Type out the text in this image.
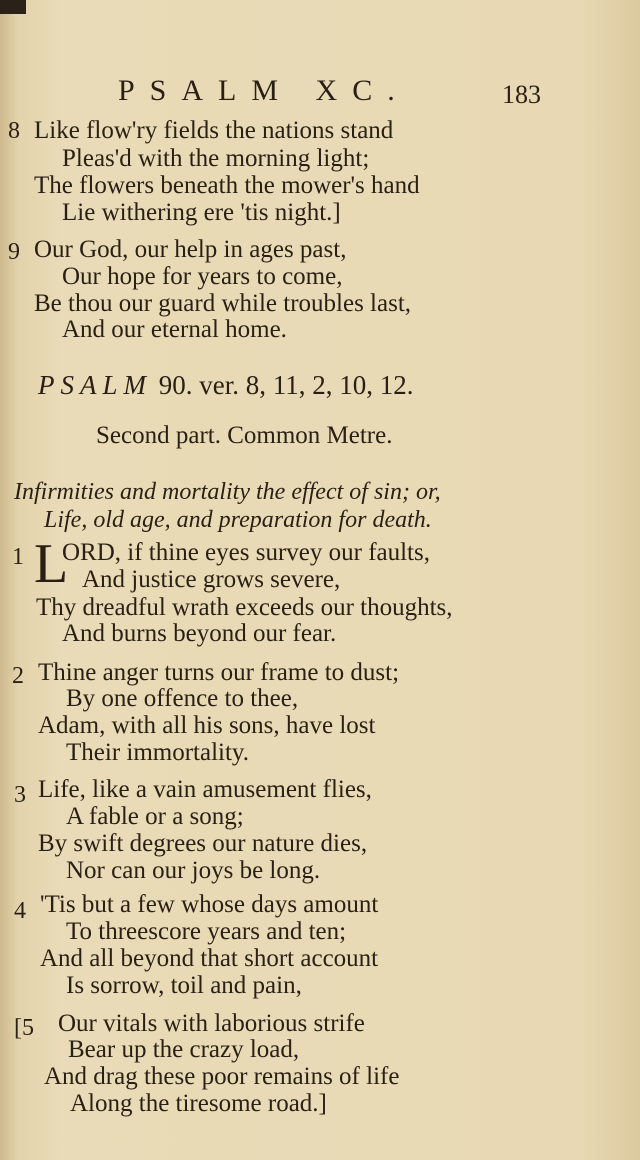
PSALM XC.	183
8 Like flow'ry fields the nations stand
Pleas'd with the morning light;
The flowers beneath the mower's hand
Lie withering ere 'tis night.]
9 Our God, our help in ages past,
Our hope for years to come,
Be thou our guard while troubles last,
And our eternal home.
PSALM 90. ver. 8, 11, 2, 10, 12.
Second part. Common Metre.
Infirmities and mortality the effect of sin; or,
Life, old age, and preparation for death.
1 L
ORD, if thine eyes survey our faults,
And justice grows severe,
Thy dreadful wrath exceeds our thoughts,
And burns beyond our fear.
2 Thine anger turns our frame to dust;
By one offence to thee,
Adam, with all his sons, have lost
Their immortality.
3 Life, like a vain amusement flies,
A fable or a song;
By swift degrees our nature dies,
Nor can our joys be long.
4 'Tis but a few whose days amount
To threescore years and ten;
And all beyond that short account
Is sorrow, toil and pain,
[5 Our vitals with laborious strife
Bear up the crazy load,
And drag these poor remains of life
Along the tiresome road.]
